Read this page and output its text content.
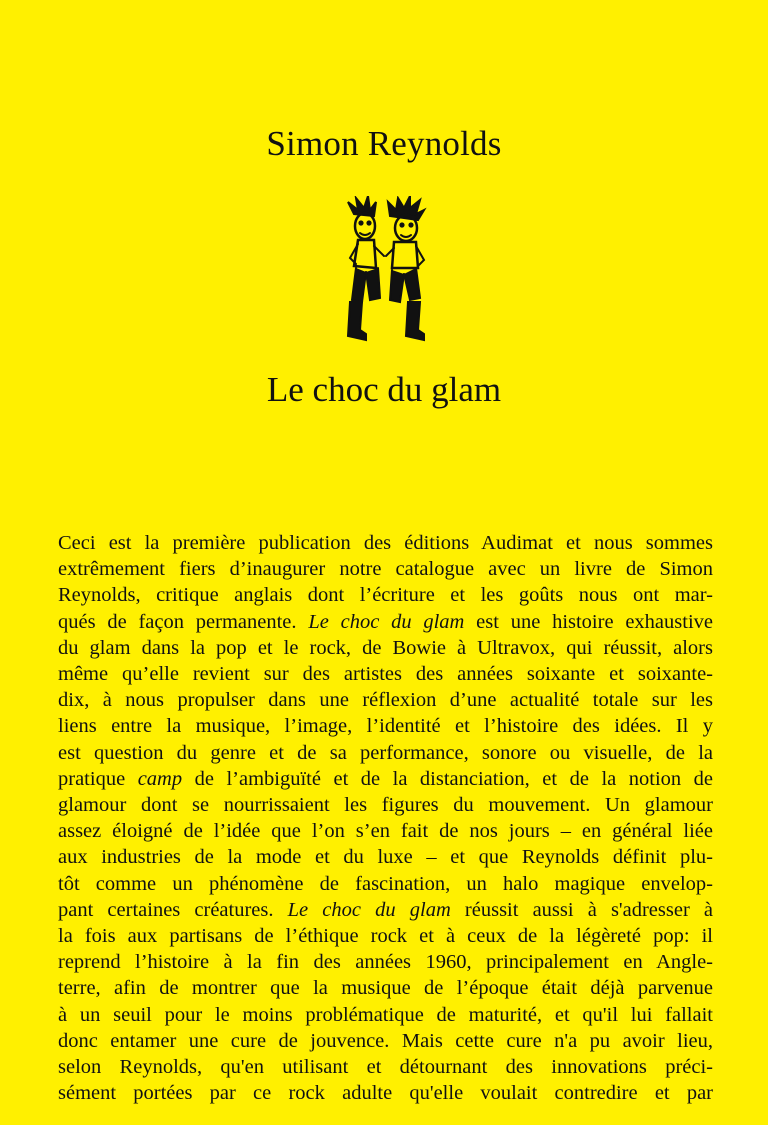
Simon Reynolds
Le choc du glam
Ceci est la première publication des éditions Audimat et nous sommes
extrêmement fiers d’inaugurer notre catalogue avec un livre de Simon
Reynolds, critique anglais dont l’écriture et les goûts nous ont mar-
qués de façon permanente. Le choc du glam est une histoire exhaustive
du glam dans la pop et le rock, de Bowie à Ultravox, qui réussit, alors
même qu’elle revient sur des artistes des années soixante et soixante-
dix, à nous propulser dans une réflexion d’une actualité totale sur les
liens entre la musique, l’image, l’identité et l’histoire des idées. Il y
est question du genre et de sa performance, sonore ou visuelle, de la
pratique camp de l’ambiguïté et de la distanciation, et de la notion de
glamour dont se nourrissaient les figures du mouvement. Un glamour
assez éloigné de l’idée que l’on s’en fait de nos jours – en général liée
aux industries de la mode et du luxe – et que Reynolds définit plu-
tôt comme un phénomène de fascination, un halo magique envelop-
pant certaines créatures. Le choc du glam réussit aussi à s'adresser à
la fois aux partisans de l’éthique rock et à ceux de la légèreté pop: il
reprend l’histoire à la fin des années 1960, principalement en Angle-
terre, afin de montrer que la musique de l’époque était déjà parvenue
à un seuil pour le moins problématique de maturité, et qu'il lui fallait
donc entamer une cure de jouvence. Mais cette cure n'a pu avoir lieu,
selon Reynolds, qu'en utilisant et détournant des innovations préci-
sément portées par ce rock adulte qu'elle voulait contredire et par
